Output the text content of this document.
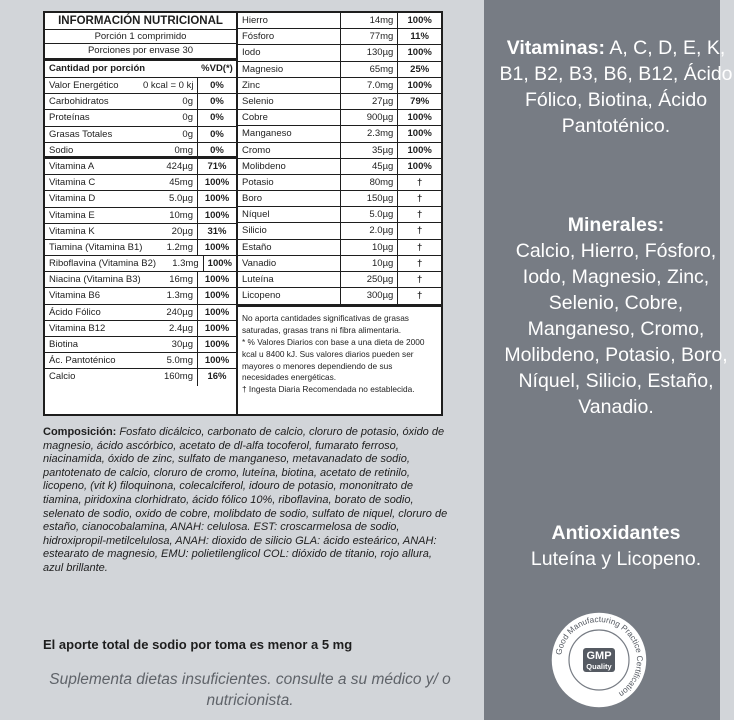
INFORMACIÓN NUTRICIONAL
Porción 1 comprimido
Porciones por envase 30
Cantidad por porción	%VD(*)
Valor Energético	0 kcal = 0 kj	0%
Carbohidratos	0g	0%
Proteínas	0g	0%
Grasas Totales	0g	0%
Sodio	0mg	0%
Vitamina A	424µg	71%
Vitamina C	45mg	100%
Vitamina D	5.0µg	100%
Vitamina E	10mg	100%
Vitamina K	20µg	31%
Tiamina (Vitamina B1)	1.2mg	100%
Riboflavina (Vitamina B2)	1.3mg 100%
Niacina (Vitamina B3)	16mg	100%
Vitamina B6	1.3mg	100%
Ácido Fólico	240µg	100%
Vitamina B12	2.4µg	100%
Biotina	30µg	100%
Ác. Pantoténico	5.0mg	100%
Calcio	160mg	16%
Hierro	14mg	100%
Fósforo	77mg	11%
Iodo	130µg	100%
Magnesio	65mg	25%
Zinc	7.0mg	100%
Selenio	27µg	79%
Cobre	900µg	100%
Manganeso	2.3mg	100%
Cromo	35µg	100%
Molibdeno	45µg	100%
Potasio	80mg	†
Boro	150µg	†
Níquel	5.0µg	†
Silicio	2.0µg	†
Estaño	10µg	†
Vanadio	10µg	†
Luteína	250µg	†
Licopeno	300µg	†
No aporta cantidades significativas de grasas saturadas, grasas trans ni fibra alimentaria.
* % Valores Diarios con base a una dieta de 2000 kcal u 8400 kJ. Sus valores diarios pueden ser mayores o menores dependiendo de sus necesidades energéticas.
† Ingesta Diaria Recomendada no establecida.
Composición: Fosfato dicálcico, carbonato de calcio, cloruro de potasio, óxido de magnesio, ácido ascórbico, acetato de dl-alfa tocoferol, fumarato ferroso, niacinamida, óxido de zinc, sulfato de manganeso, metavanadato de sodio, pantotenato de calcio, cloruro de cromo, luteína, biotina, acetato de retinilo, licopeno, (vit k) filoquinona, colecalciferol, idouro de potasio, mononitrato de tiamina, piridoxina clorhidrato, ácido fólico 10%, riboflavina, borato de sodio, selenato de sodio, oxido de cobre, molibdato de sodio, sulfato de niquel, cloruro de estaño, cianocobalamina, ANAH: celulosa. EST: croscarmelosa de sodio, hidroxipropil-metilcelulosa, ANAH: dioxido de silicio GLA: ácido esteárico, ANAH: estearato de magnesio, EMU: polietilenglicol COL: dióxido de titanio, rojo allura, azul brillante.
El aporte total de sodio por toma es menor a 5 mg
Suplementa dietas insuficientes. consulte a su médico y/ o nutricionista.
Vitaminas: A, C, D, E, K, B1, B2, B3, B6, B12, Ácido Fólico, Biotina, Ácido Pantoténico.
Minerales:
Calcio, Hierro, Fósforo, Iodo, Magnesio, Zinc, Selenio, Cobre, Manganeso, Cromo, Molibdeno, Potasio, Boro, Níquel, Silicio, Estaño, Vanadio.
Antioxidantes
Luteína y Licopeno.
Good Manufacturing Practice Certification
GMP
Quality
